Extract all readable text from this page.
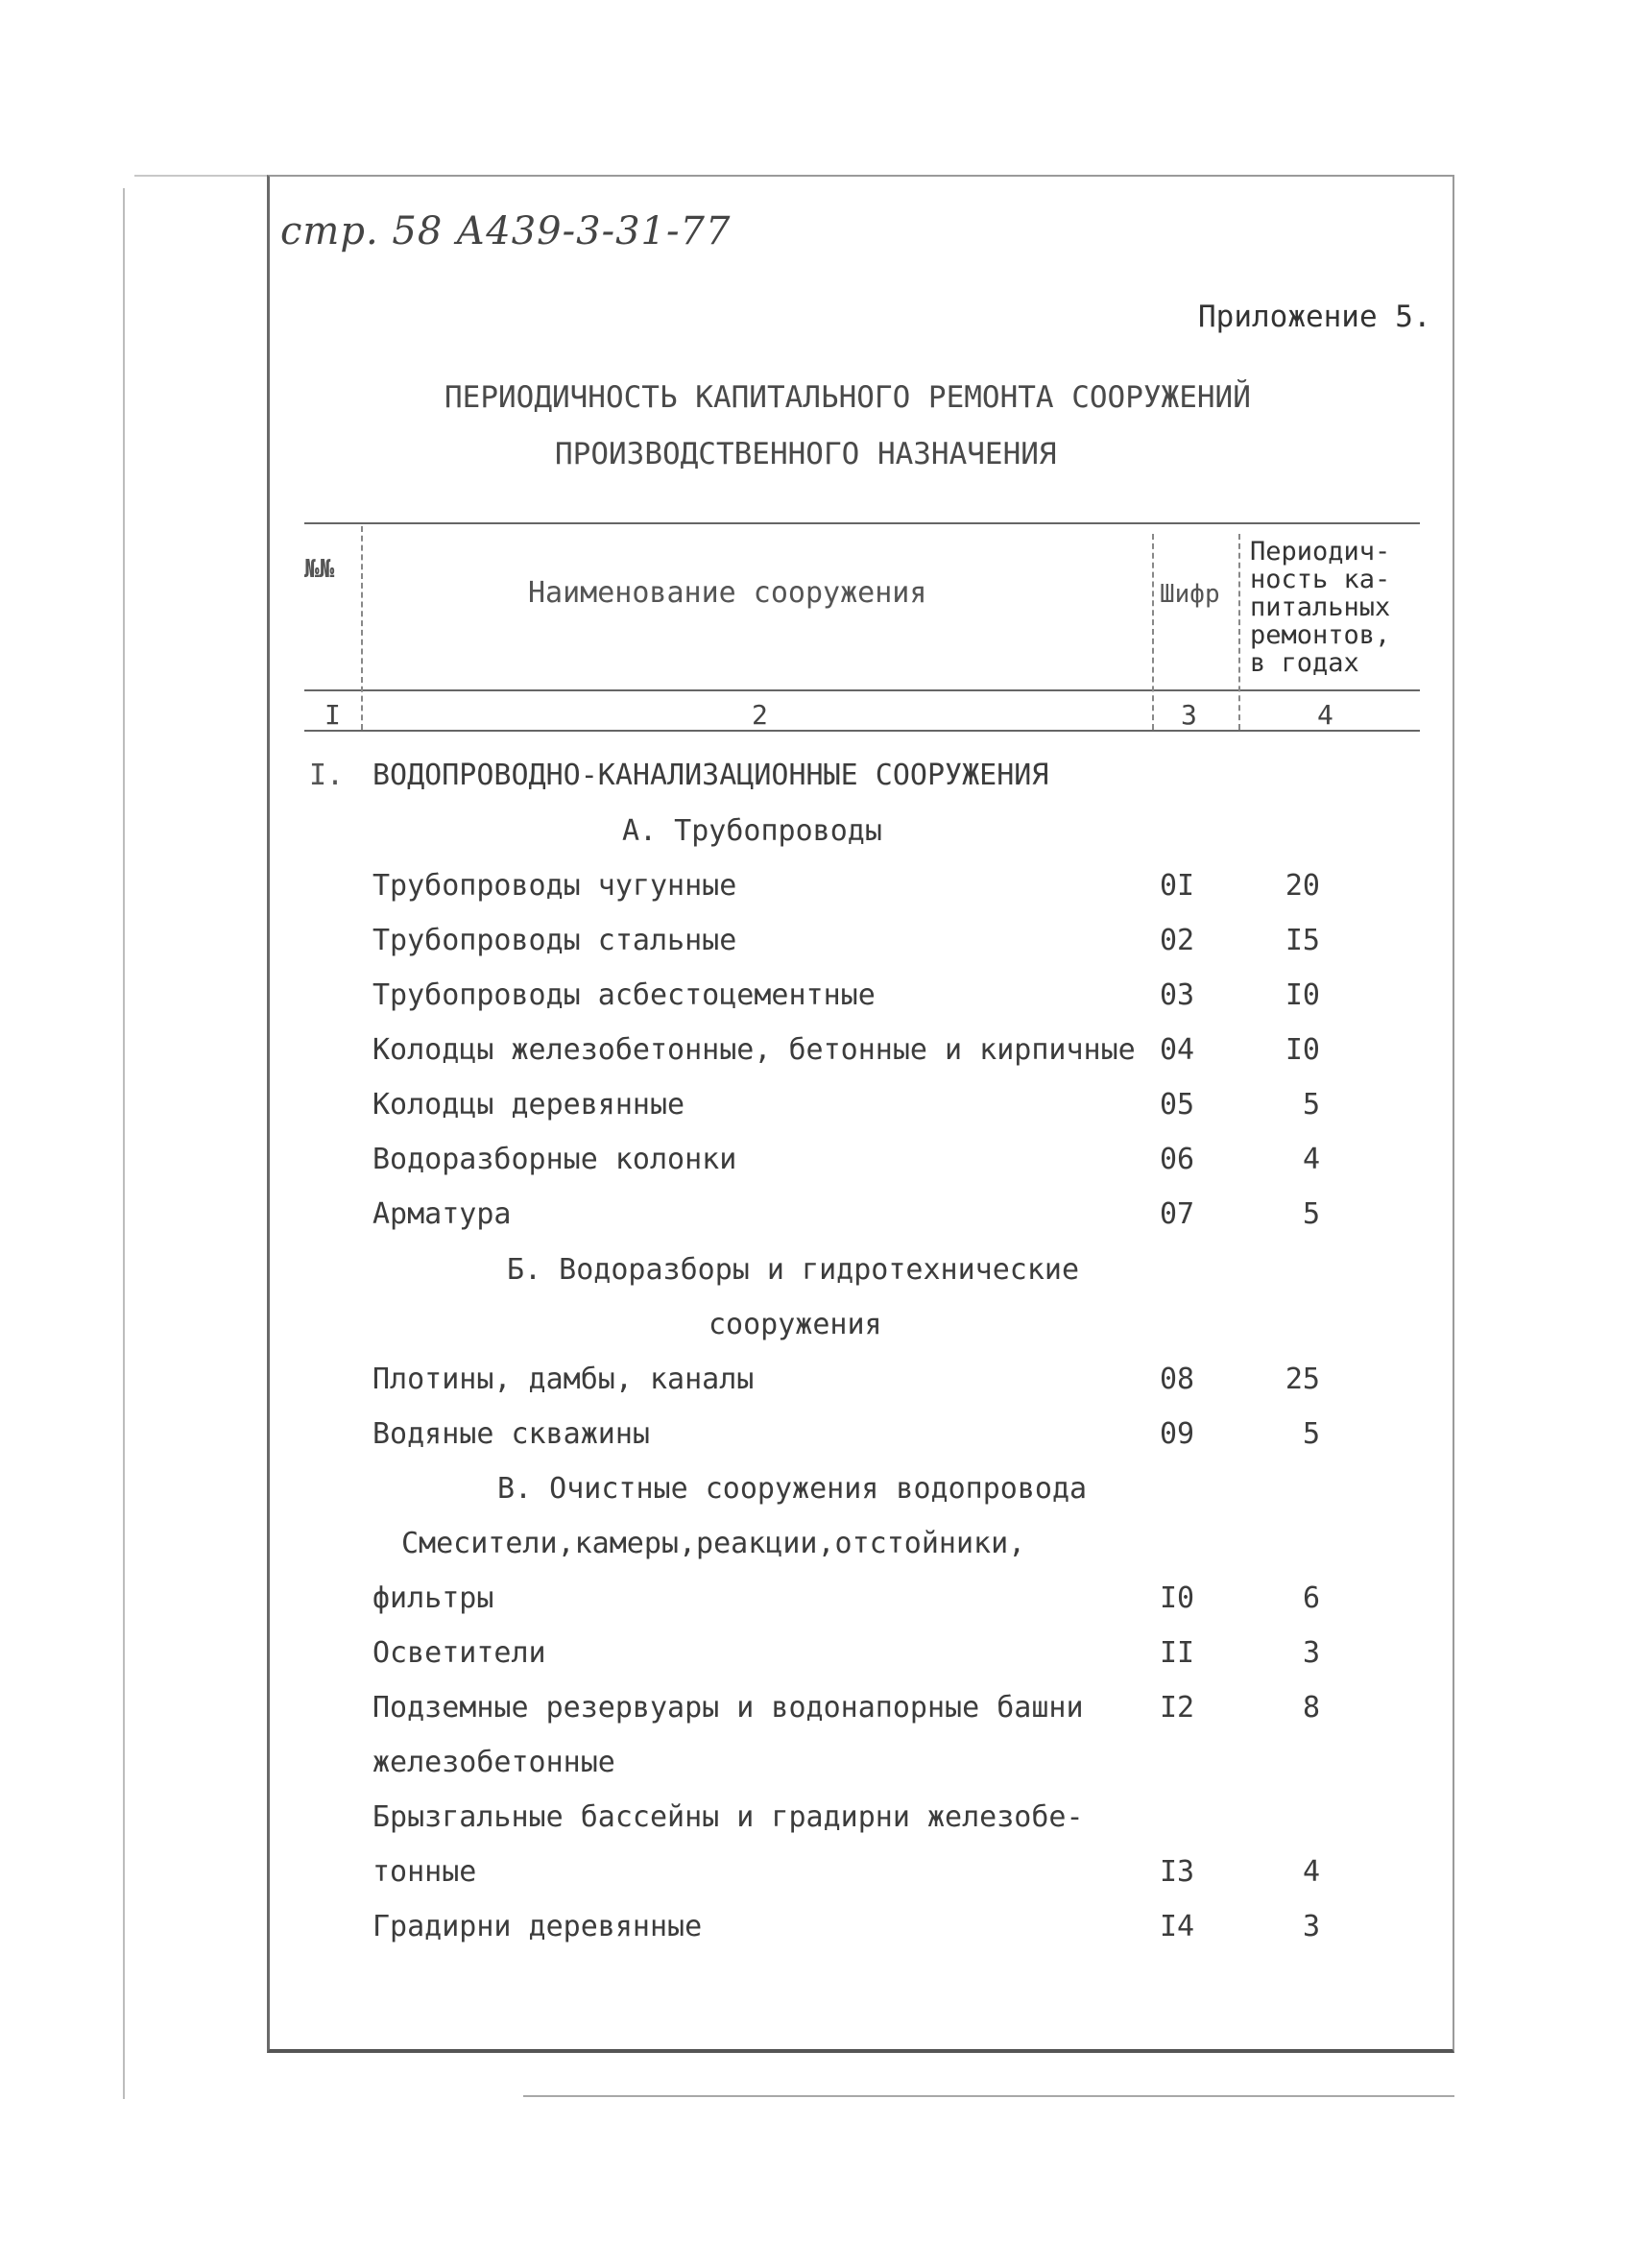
стр. 58 А439-3-31-77
Приложение 5.
ПЕРИОДИЧНОСТЬ КАПИТАЛЬНОГО РЕМОНТА СООРУЖЕНИЙ
ПРОИЗВОДСТВЕННОГО НАЗНАЧЕНИЯ
№№
Наименование сооружения	Шифр
Периодич-
ность ка-
питальных
ремонтов,
в годах
I	2	3	4
I. ВОДОПРОВОДНО-КАНАЛИЗАЦИОННЫЕ СООРУЖЕНИЯ
А. Трубопроводы
Трубопроводы чугунные	0I	20
Трубопроводы стальные	02	I5
Трубопроводы асбестоцементные	03	I0
Колодцы железобетонные, бетонные и кирпичные 04	I0
Колодцы деревянные	05	5
Водоразборные колонки	06	4
Арматура	07	5
Б. Водоразборы и гидротехнические
сооружения
Плотины, дамбы, каналы	08	25
Водяные скважины	09	5
В. Очистные сооружения водопровода
Смесители,камеры,реакции,отстойники,
фильтры	I0	6
Осветители	II	3
Подземные резервуары и водонапорные башни	I2	8
железобетонные
Брызгальные бассейны и градирни железобе-
тонные	I3	4
Градирни деревянные	I4	3
